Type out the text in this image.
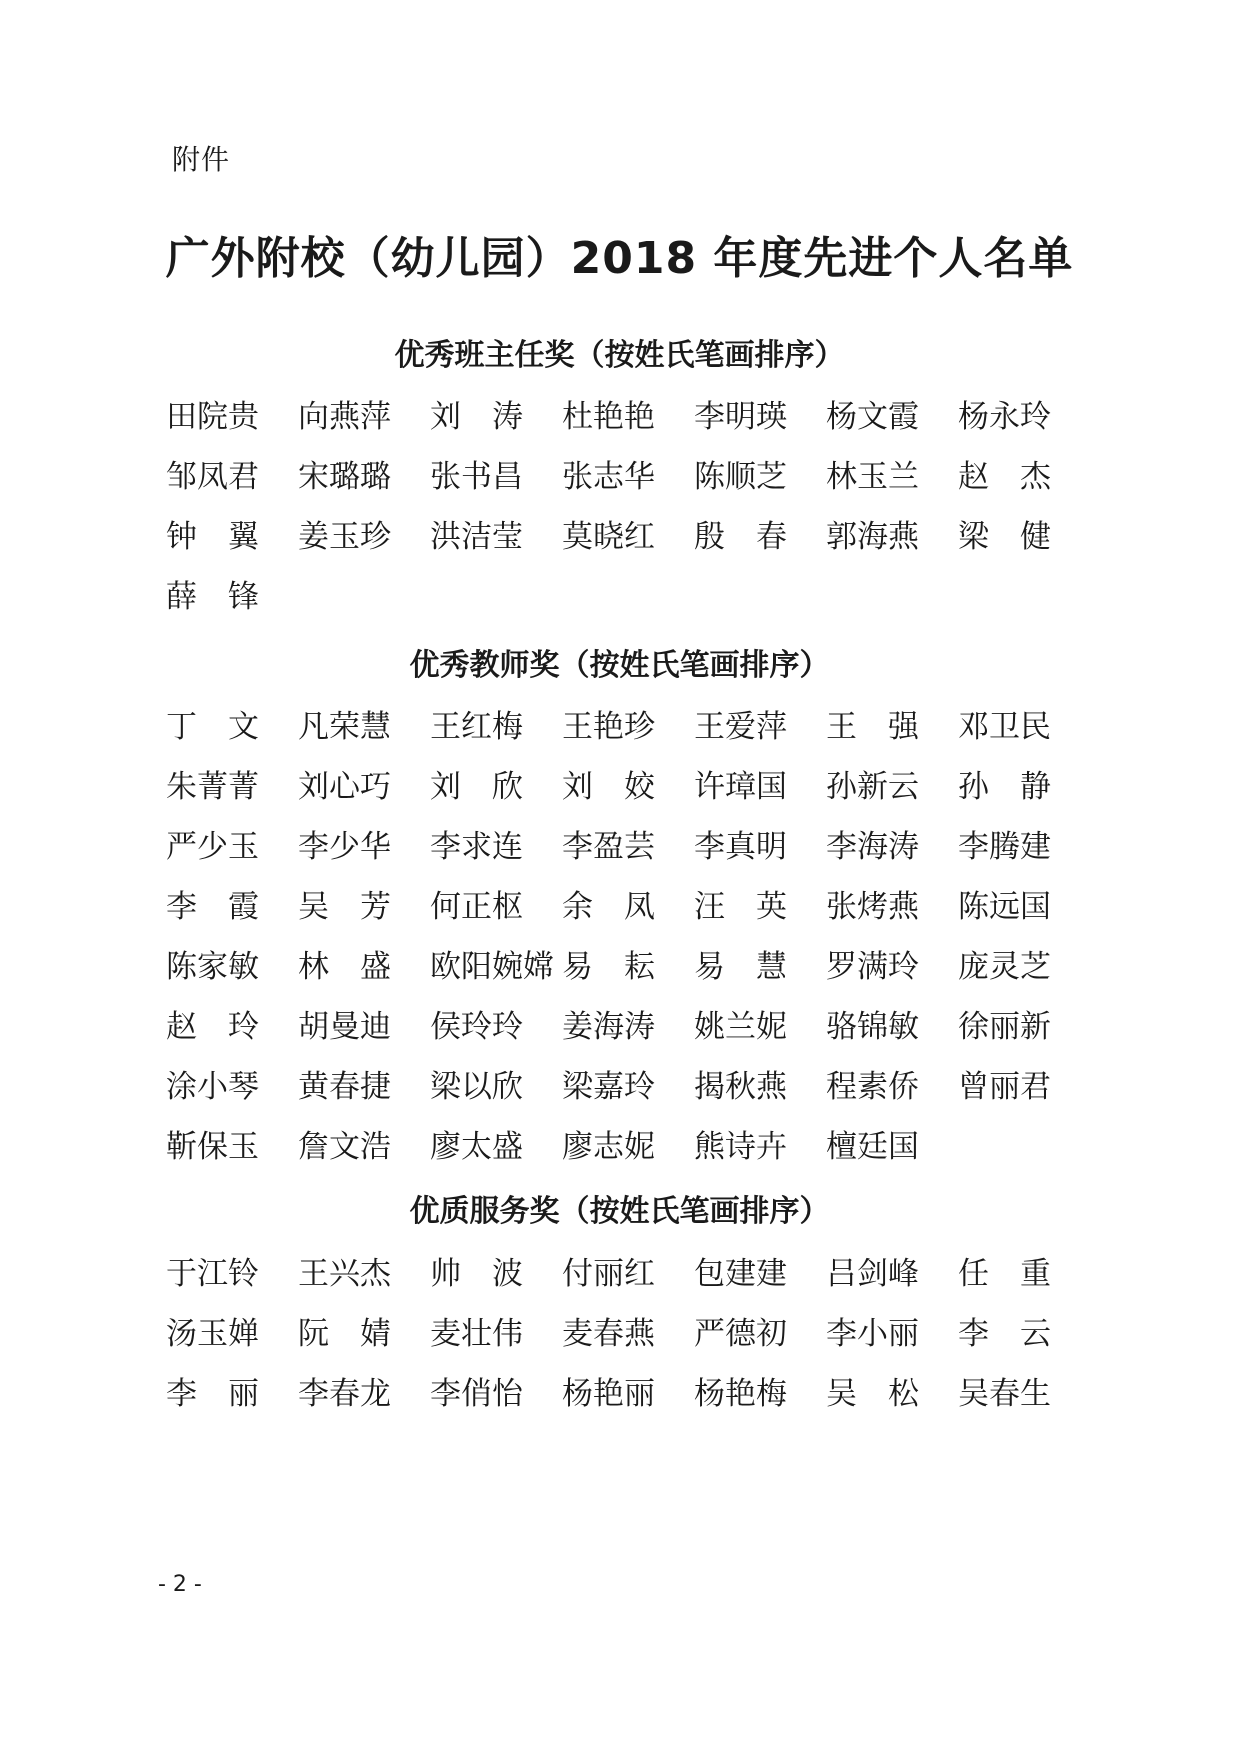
附件
广外附校（幼儿园）2018 年度先进个人名单
优秀班主任奖（按姓氏笔画排序）
田院贵	向燕萍	刘　涛	杜艳艳	李明瑛	杨文霞	杨永玲
邹凤君	宋璐璐	张书昌	张志华	陈顺芝	林玉兰	赵　杰
钟　翼	姜玉珍	洪洁莹	莫晓红	殷　春	郭海燕	梁　健
薛　锋
优秀教师奖（按姓氏笔画排序）
丁　文	凡荣慧	王红梅	王艳珍	王爱萍	王　强	邓卫民
朱菁菁	刘心巧	刘　欣	刘　姣	许璋国	孙新云	孙　静
严少玉	李少华	李求连	李盈芸	李真明	李海涛	李腾建
李　霞	吴　芳	何正枢	余　凤	汪　英	张烤燕	陈远国
陈家敏	林　盛	欧阳婉嫦 易　耘	易　慧	罗满玲	庞灵芝
赵　玲	胡曼迪	侯玲玲	姜海涛	姚兰妮	骆锦敏	徐丽新
涂小琴	黄春捷	梁以欣	梁嘉玲	揭秋燕	程素侨	曾丽君
靳保玉	詹文浩	廖太盛	廖志妮	熊诗卉	檀廷国
优质服务奖（按姓氏笔画排序）
于江铃	王兴杰	帅　波	付丽红	包建建	吕剑峰	任　重
汤玉婵	阮　婧	麦壮伟	麦春燕	严德初	李小丽	李　云
李　丽	李春龙	李俏怡	杨艳丽	杨艳梅	吴　松	吴春生
- 2 -
